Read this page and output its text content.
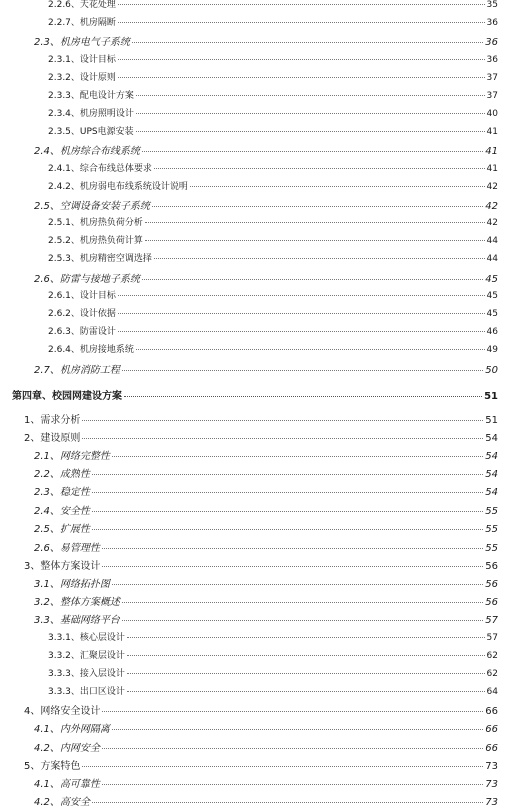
2.2.6、天花处理	35
2.2.7、机房隔断	36
2.3、机房电气子系统	36
2.3.1、设计目标	36
2.3.2、设计原则	37
2.3.3、配电设计方案	37
2.3.4、机房照明设计	40
2.3.5、UPS电源安装	41
2.4、机房综合布线系统	41
2.4.1、综合布线总体要求	41
2.4.2、机房弱电布线系统设计说明	42
2.5、空调设备安装子系统	42
2.5.1、机房热负荷分析	42
2.5.2、机房热负荷计算	44
2.5.3、机房精密空调选择	44
2.6、防雷与接地子系统	45
2.6.1、设计目标	45
2.6.2、设计依据	45
2.6.3、防雷设计	46
2.6.4、机房接地系统	49
2.7、机房消防工程	50
第四章、校园网建设方案	51
1、需求分析	51
2、建设原则	54
2.1、网络完整性	54
2.2、成熟性	54
2.3、稳定性	54
2.4、安全性	55
2.5、扩展性	55
2.6、易管理性	55
3、整体方案设计	56
3.1、网络拓扑图	56
3.2、整体方案概述	56
3.3、基础网络平台	57
3.3.1、核心层设计	57
3.3.2、汇聚层设计	62
3.3.3、接入层设计	62
3.3.3、出口区设计	64
4、网络安全设计	66
4.1、内外网隔离	66
4.2、内网安全	66
5、方案特色	73
4.1、高可靠性	73
4.2、高安全	73
